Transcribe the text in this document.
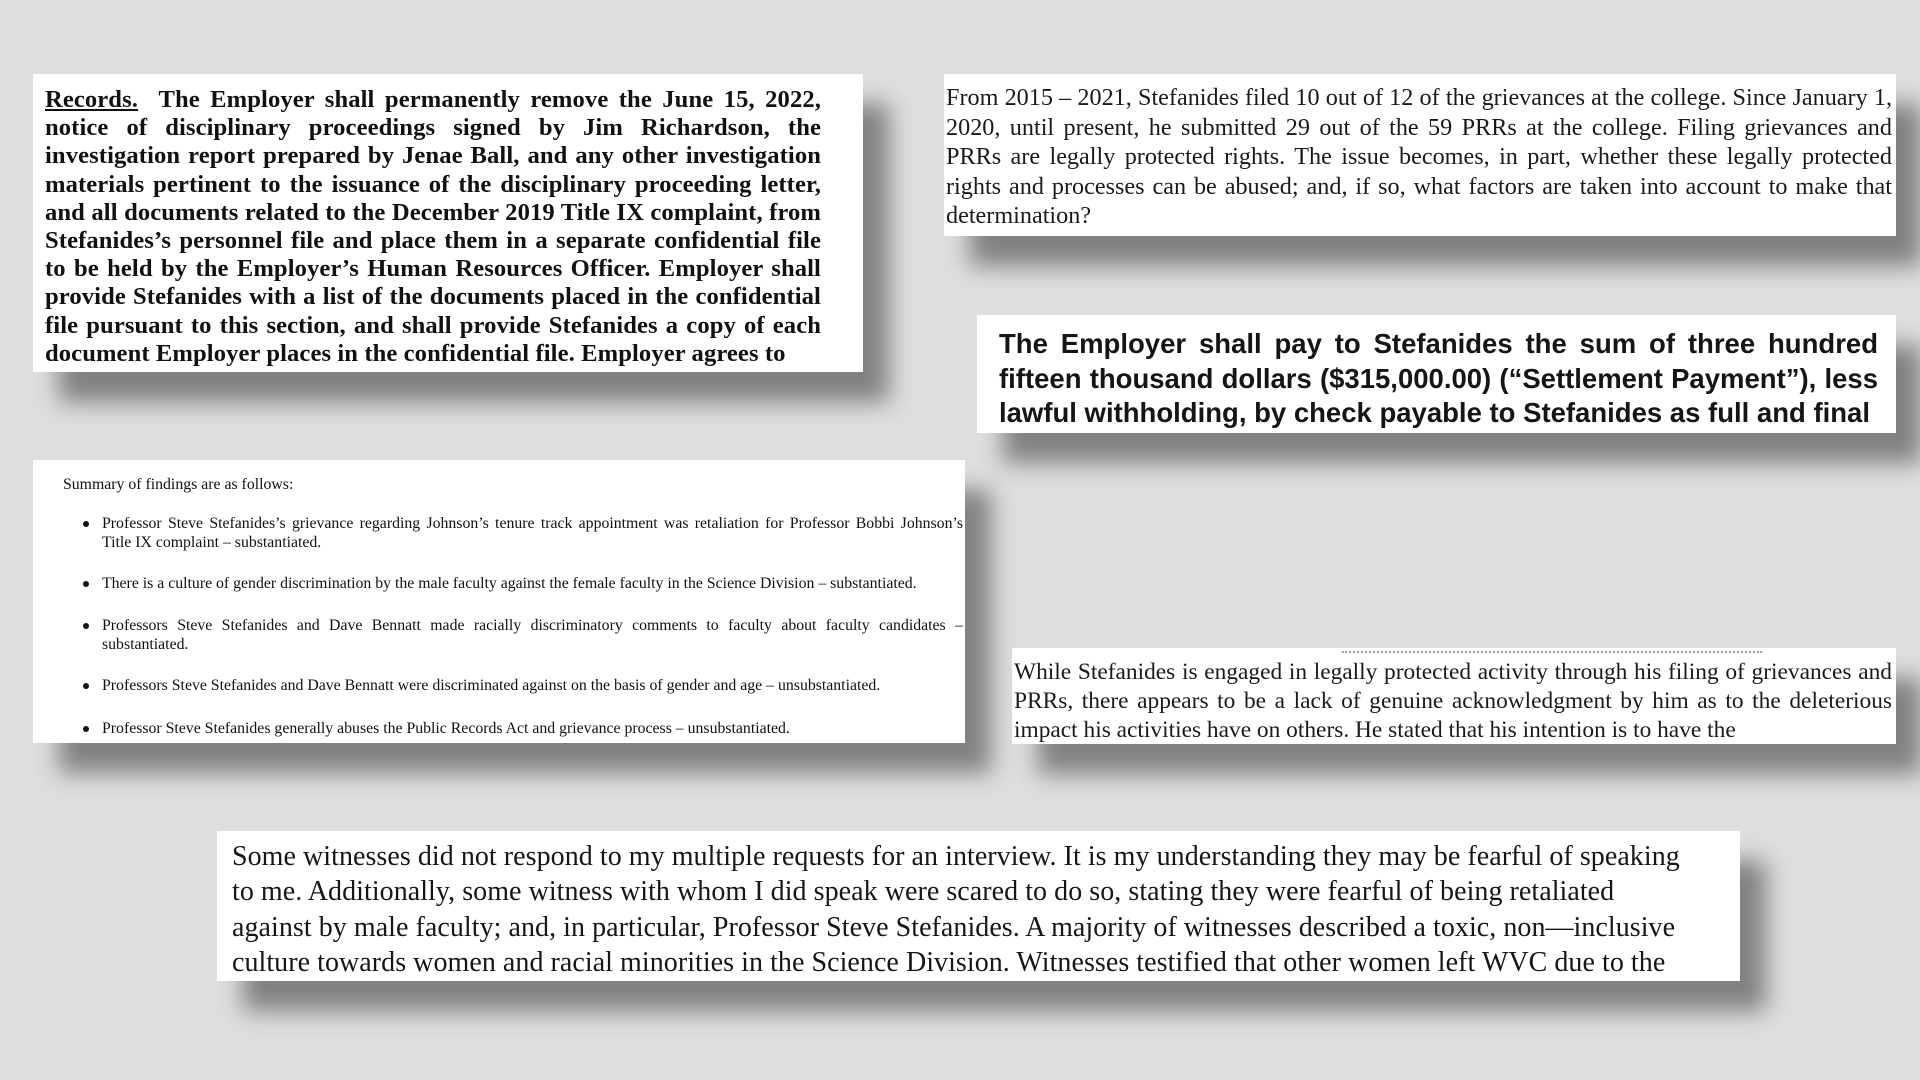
Records. The Employer shall permanently remove the June 15, 2022, notice of disciplinary proceedings signed by Jim Richardson, the investigation report prepared by Jenae Ball, and any other investigation materials pertinent to the issuance of the disciplinary proceeding letter, and all documents related to the December 2019 Title IX complaint, from Stefanides’s personnel file and place them in a separate confidential file to be held by the Employer’s Human Resources Officer. Employer shall provide Stefanides with a list of the documents placed in the confidential file pursuant to this section, and shall provide Stefanides a copy of each document Employer places in the confidential file. Employer agrees to

From 2015 – 2021, Stefanides filed 10 out of 12 of the grievances at the college. Since January 1, 2020, until present, he submitted 29 out of the 59 PRRs at the college. Filing grievances and PRRs are legally protected rights. The issue becomes, in part, whether these legally protected rights and processes can be abused; and, if so, what factors are taken into account to make that determination?

The Employer shall pay to Stefanides the sum of three hundred fifteen thousand dollars ($315,000.00) (“Settlement Payment”), less lawful withholding, by check payable to Stefanides as full and final

Summary of findings are as follows:

Professor Steve Stefanides’s grievance regarding Johnson’s tenure track appointment was retaliation for Professor Bobbi Johnson’s Title IX complaint – substantiated.
There is a culture of gender discrimination by the male faculty against the female faculty in the Science Division – substantiated.
Professors Steve Stefanides and Dave Bennatt made racially discriminatory comments to faculty about faculty candidates – substantiated.
Professors Steve Stefanides and Dave Bennatt were discriminated against on the basis of gender and age – unsubstantiated.
Professor Steve Stefanides generally abuses the Public Records Act and grievance process – unsubstantiated.

While Stefanides is engaged in legally protected activity through his filing of grievances and PRRs, there appears to be a lack of genuine acknowledgment by him as to the deleterious impact his activities have on others. He stated that his intention is to have the

Some witnesses did not respond to my multiple requests for an interview. It is my understanding they may be fearful of speaking

to me. Additionally, some witness with whom I did speak were scared to do so, stating they were fearful of being retaliated

against by male faculty; and, in particular, Professor Steve Stefanides. A majority of witnesses described a toxic, non—inclusive

culture towards women and racial minorities in the Science Division. Witnesses testified that other women left WVC due to the
